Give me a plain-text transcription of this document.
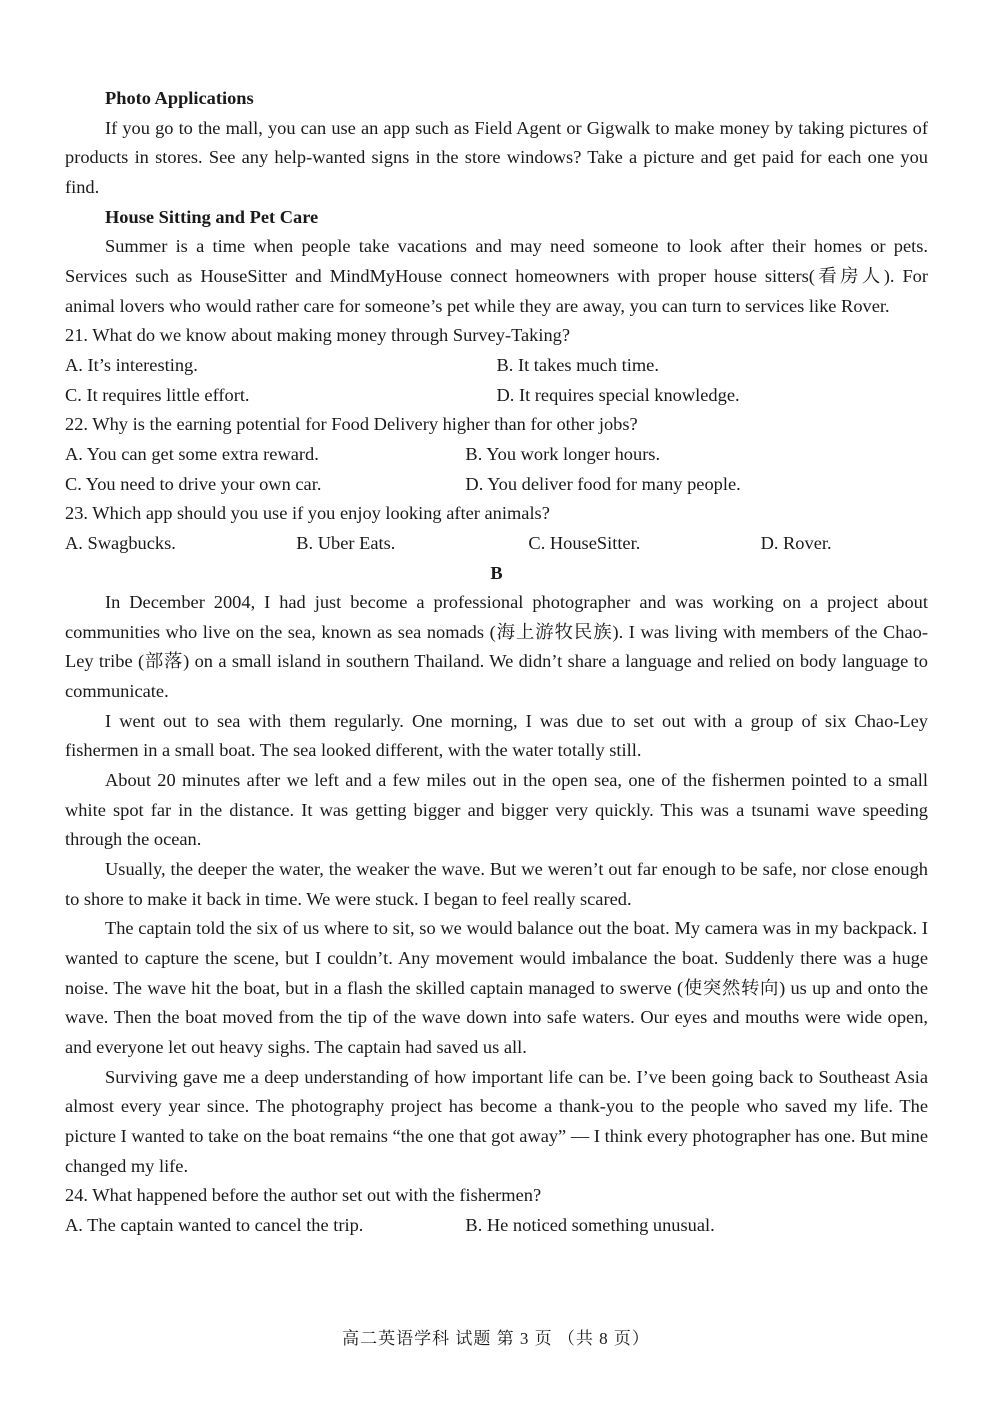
Photo Applications
If you go to the mall, you can use an app such as Field Agent or Gigwalk to make money by taking pictures of products in stores. See any help-wanted signs in the store windows? Take a picture and get paid for each one you find.
House Sitting and Pet Care
Summer is a time when people take vacations and may need someone to look after their homes or pets. Services such as HouseSitter and MindMyHouse connect homeowners with proper house sitters(看房人). For animal lovers who would rather care for someone’s pet while they are away, you can turn to services like Rover.
21. What do we know about making money through Survey-Taking?
A. It’s interesting.	B. It takes much time.
C. It requires little effort.	D. It requires special knowledge.
22. Why is the earning potential for Food Delivery higher than for other jobs?
A. You can get some extra reward.	B. You work longer hours.
C. You need to drive your own car.	D. You deliver food for many people.
23. Which app should you use if you enjoy looking after animals?
A. Swagbucks.	B. Uber Eats.	C. HouseSitter.	D. Rover.
B
In December 2004, I had just become a professional photographer and was working on a project about communities who live on the sea, known as sea nomads (海上游牧民族). I was living with members of the Chao-Ley tribe (部落) on a small island in southern Thailand. We didn’t share a language and relied on body language to communicate.
I went out to sea with them regularly. One morning, I was due to set out with a group of six Chao-Ley fishermen in a small boat. The sea looked different, with the water totally still.
About 20 minutes after we left and a few miles out in the open sea, one of the fishermen pointed to a small white spot far in the distance. It was getting bigger and bigger very quickly. This was a tsunami wave speeding through the ocean.
Usually, the deeper the water, the weaker the wave. But we weren’t out far enough to be safe, nor close enough to shore to make it back in time. We were stuck. I began to feel really scared.
The captain told the six of us where to sit, so we would balance out the boat. My camera was in my backpack. I wanted to capture the scene, but I couldn’t. Any movement would imbalance the boat. Suddenly there was a huge noise. The wave hit the boat, but in a flash the skilled captain managed to swerve (使突然转向) us up and onto the wave. Then the boat moved from the tip of the wave down into safe waters. Our eyes and mouths were wide open, and everyone let out heavy sighs. The captain had saved us all.
Surviving gave me a deep understanding of how important life can be. I’ve been going back to Southeast Asia almost every year since. The photography project has become a thank-you to the people who saved my life. The picture I wanted to take on the boat remains “the one that got away” — I think every photographer has one. But mine changed my life.
24. What happened before the author set out with the fishermen?
A. The captain wanted to cancel the trip.	B. He noticed something unusual.
高二英语学科 试题 第 3 页 （共 8 页）
